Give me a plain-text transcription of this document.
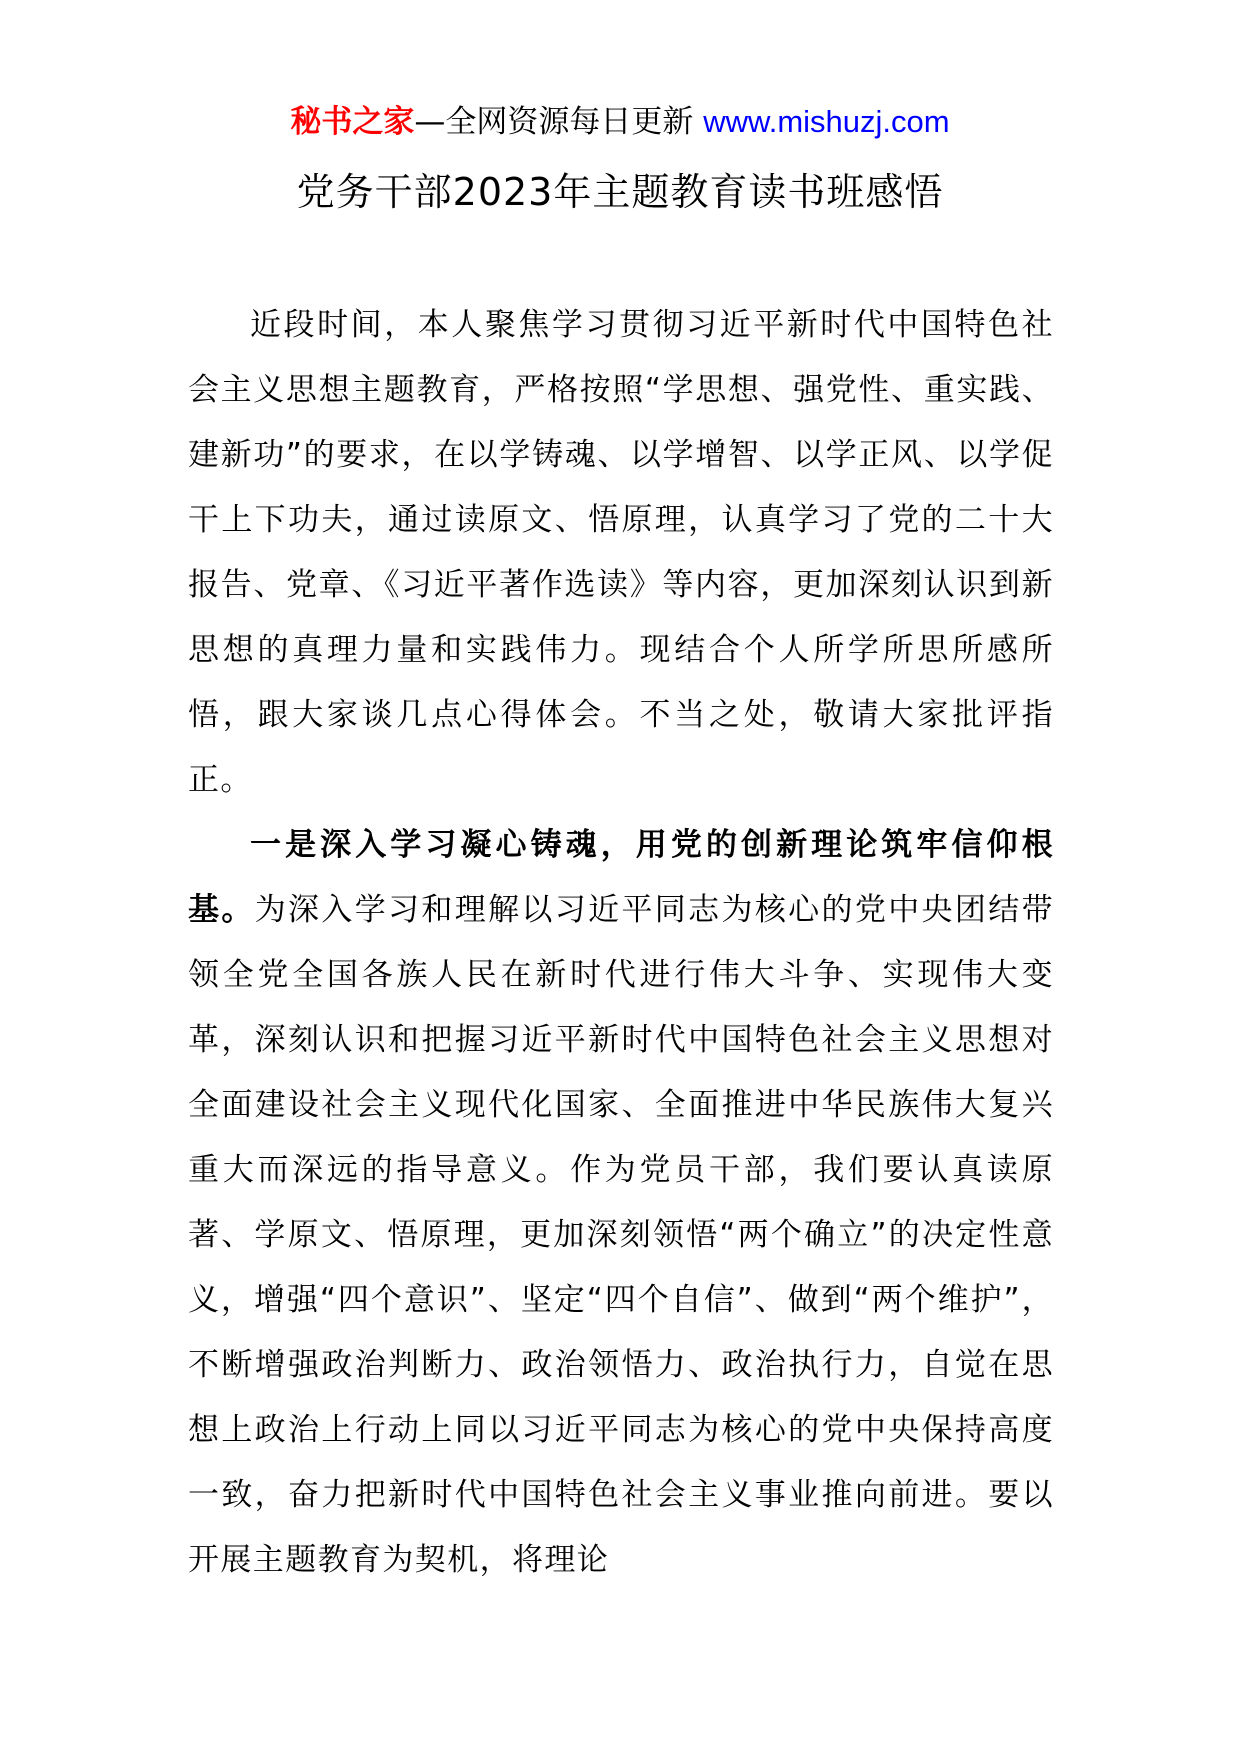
秘书之家—全网资源每日更新 www.mishuzj.com
党务干部2023年主题教育读书班感悟

近段时间，本人聚焦学习贯彻习近平新时代中国特色社会主义思想主题教育，严格按照“学思想、强党性、重实践、建新功”的要求，在以学铸魂、以学增智、以学正风、以学促干上下功夫，通过读原文、悟原理，认真学习了党的二十大报告、党章、《习近平著作选读》等内容，更加深刻认识到新思想的真理力量和实践伟力。现结合个人所学所思所感所悟，跟大家谈几点心得体会。不当之处，敬请大家批评指正。

一是深入学习凝心铸魂，用党的创新理论筑牢信仰根基。为深入学习和理解以习近平同志为核心的党中央团结带领全党全国各族人民在新时代进行伟大斗争、实现伟大变革，深刻认识和把握习近平新时代中国特色社会主义思想对全面建设社会主义现代化国家、全面推进中华民族伟大复兴重大而深远的指导意义。作为党员干部，我们要认真读原著、学原文、悟原理，更加深刻领悟“两个确立”的决定性意义，增强“四个意识”、坚定“四个自信”、做到“两个维护”，不断增强政治判断力、政治领悟力、政治执行力，自觉在思想上政治上行动上同以习近平同志为核心的党中央保持高度一致，奋力把新时代中国特色社会主义事业推向前进。要以开展主题教育为契机，将理论
